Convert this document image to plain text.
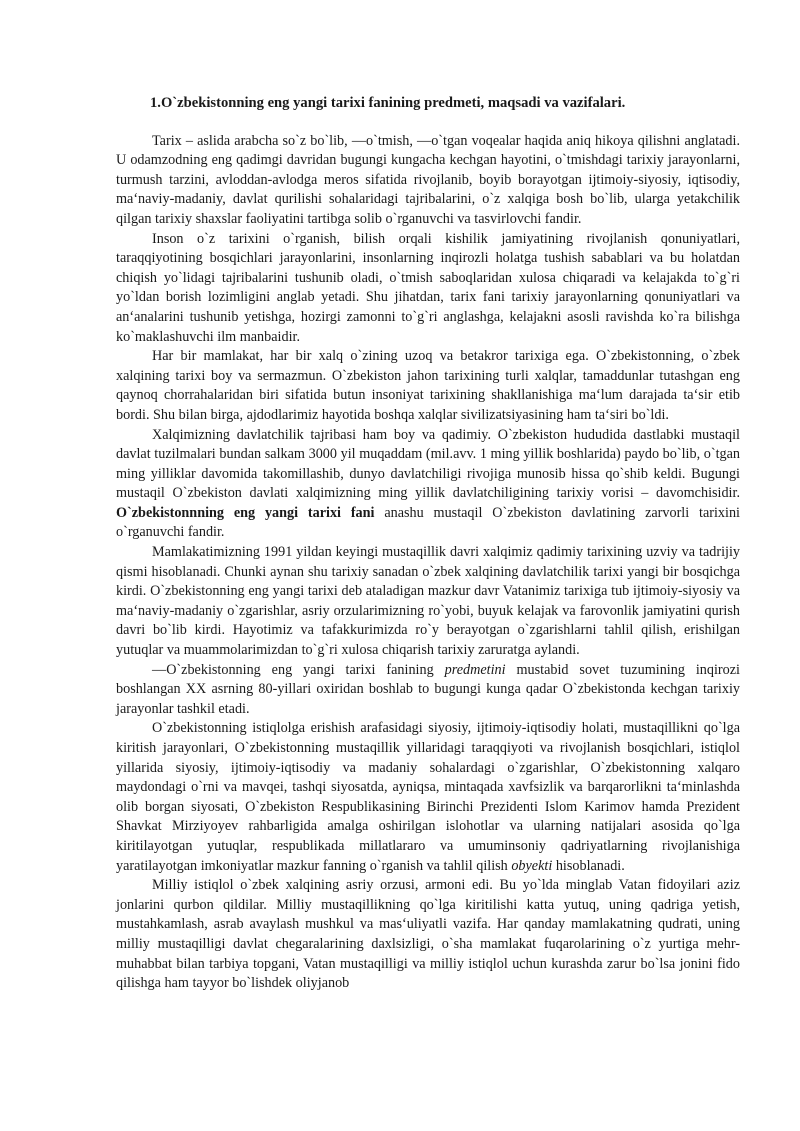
1.O`zbekistonning eng yangi tarixi fanining predmeti, maqsadi va vazifalari.

Tarix – aslida arabcha so`z bo`lib, ―o`tmish, ―o`tgan voqealar haqida aniq hikoya qilishni anglatadi. U odamzodning eng qadimgi davridan bugungi kungacha kechgan hayotini, o`tmishdagi tarixiy jarayonlarni, turmush tarzini, avloddan-avlodga meros sifatida rivojlanib, boyib borayotgan ijtimoiy-siyosiy, iqtisodiy, ma‘naviy-madaniy, davlat qurilishi sohalaridagi tajribalarini, o`z xalqiga bosh bo`lib, ularga yetakchilik qilgan tarixiy shaxslar faoliyatini tartibga solib o`rganuvchi va tasvirlovchi fandir.

Inson o`z tarixini o`rganish, bilish orqali kishilik jamiyatining rivojlanish qonuniyatlari, taraqqiyotining bosqichlari jarayonlarini, insonlarning inqirozli holatga tushish sabablari va bu holatdan chiqish yo`lidagi tajribalarini tushunib oladi, o`tmish saboqlaridan xulosa chiqaradi va kelajakda to`g`ri yo`ldan borish lozimligini anglab yetadi. Shu jihatdan, tarix fani tarixiy jarayonlarning qonuniyatlari va an‘analarini tushunib yetishga, hozirgi zamonni to`g`ri anglashga, kelajakni asosli ravishda ko`ra bilishga ko`maklashuvchi ilm manbaidir.

Har bir mamlakat, har bir xalq o`zining uzoq va betakror tarixiga ega. O`zbekistonning, o`zbek xalqining tarixi boy va sermazmun. O`zbekiston jahon tarixining turli xalqlar, tamaddunlar tutashgan eng qaynoq chorrahalaridan biri sifatida butun insoniyat tarixining shakllanishiga ma‘lum darajada ta‘sir etib bordi. Shu bilan birga, ajdodlarimiz hayotida boshqa xalqlar sivilizatsiyasining ham ta‘siri bo`ldi.

Xalqimizning davlatchilik tajribasi ham boy va qadimiy. O`zbekiston hududida dastlabki mustaqil davlat tuzilmalari bundan salkam 3000 yil muqaddam (mil.avv. 1 ming yillik boshlarida) paydo bo`lib, o`tgan ming yilliklar davomida takomillashib, dunyo davlatchiligi rivojiga munosib hissa qo`shib keldi. Bugungi mustaqil O`zbekiston davlati xalqimizning ming yillik davlatchiligining tarixiy vorisi – davomchisidir. O`zbekistonnning eng yangi tarixi fani anashu mustaqil O`zbekiston davlatining zarvorli tarixini o`rganuvchi fandir.

Mamlakatimizning 1991 yildan keyingi mustaqillik davri xalqimiz qadimiy tarixining uzviy va tadrijiy qismi hisoblanadi. Chunki aynan shu tarixiy sanadan o`zbek xalqining davlatchilik tarixi yangi bir bosqichga kirdi. O`zbekistonning eng yangi tarixi deb ataladigan mazkur davr Vatanimiz tarixiga tub ijtimoiy-siyosiy va ma‘naviy-madaniy o`zgarishlar, asriy orzularimizning ro`yobi, buyuk kelajak va farovonlik jamiyatini qurish davri bo`lib kirdi. Hayotimiz va tafakkurimizda ro`y berayotgan o`zgarishlarni tahlil qilish, erishilgan yutuqlar va muammolarimizdan to`g`ri xulosa chiqarish tarixiy zaruratga aylandi.

―O`zbekistonning eng yangi tarixi fanining predmetini mustabid sovet tuzumining inqirozi boshlangan XX asrning 80-yillari oxiridan boshlab to bugungi kunga qadar O`zbekistonda kechgan tarixiy jarayonlar tashkil etadi.

O`zbekistonning istiqlolga erishish arafasidagi siyosiy, ijtimoiy-iqtisodiy holati, mustaqillikni qo`lga kiritish jarayonlari, O`zbekistonning mustaqillik yillaridagi taraqqiyoti va rivojlanish bosqichlari, istiqlol yillarida siyosiy, ijtimoiy-iqtisodiy va madaniy sohalardagi o`zgarishlar, O`zbekistonning xalqaro maydondagi o`rni va mavqei, tashqi siyosatda, ayniqsa, mintaqada xavfsizlik va barqarorlikni ta‘minlashda olib borgan siyosati, O`zbekiston Respublikasining Birinchi Prezidenti Islom Karimov hamda Prezident Shavkat Mirziyoyev rahbarligida amalga oshirilgan islohotlar va ularning natijalari asosida qo`lga kiritilayotgan yutuqlar, respublikada millatlararo va umuminsoniy qadriyatlarning rivojlanishiga yaratilayotgan imkoniyatlar mazkur fanning o`rganish va tahlil qilish obyekti hisoblanadi.

Milliy istiqlol o`zbek xalqining asriy orzusi, armoni edi. Bu yo`lda minglab Vatan fidoyilari aziz jonlarini qurbon qildilar. Milliy mustaqillikning qo`lga kiritilishi katta yutuq, uning qadriga yetish, mustahkamlash, asrab avaylash mushkul va mas‘uliyatli vazifa. Har qanday mamlakatning qudrati, uning milliy mustaqilligi davlat chegaralarining daxlsizligi, o`sha mamlakat fuqarolarining o`z yurtiga mehr-muhabbat bilan tarbiya topgani, Vatan mustaqilligi va milliy istiqlol uchun kurashda zarur bo`lsa jonini fido qilishga ham tayyor bo`lishdek oliyjanob
